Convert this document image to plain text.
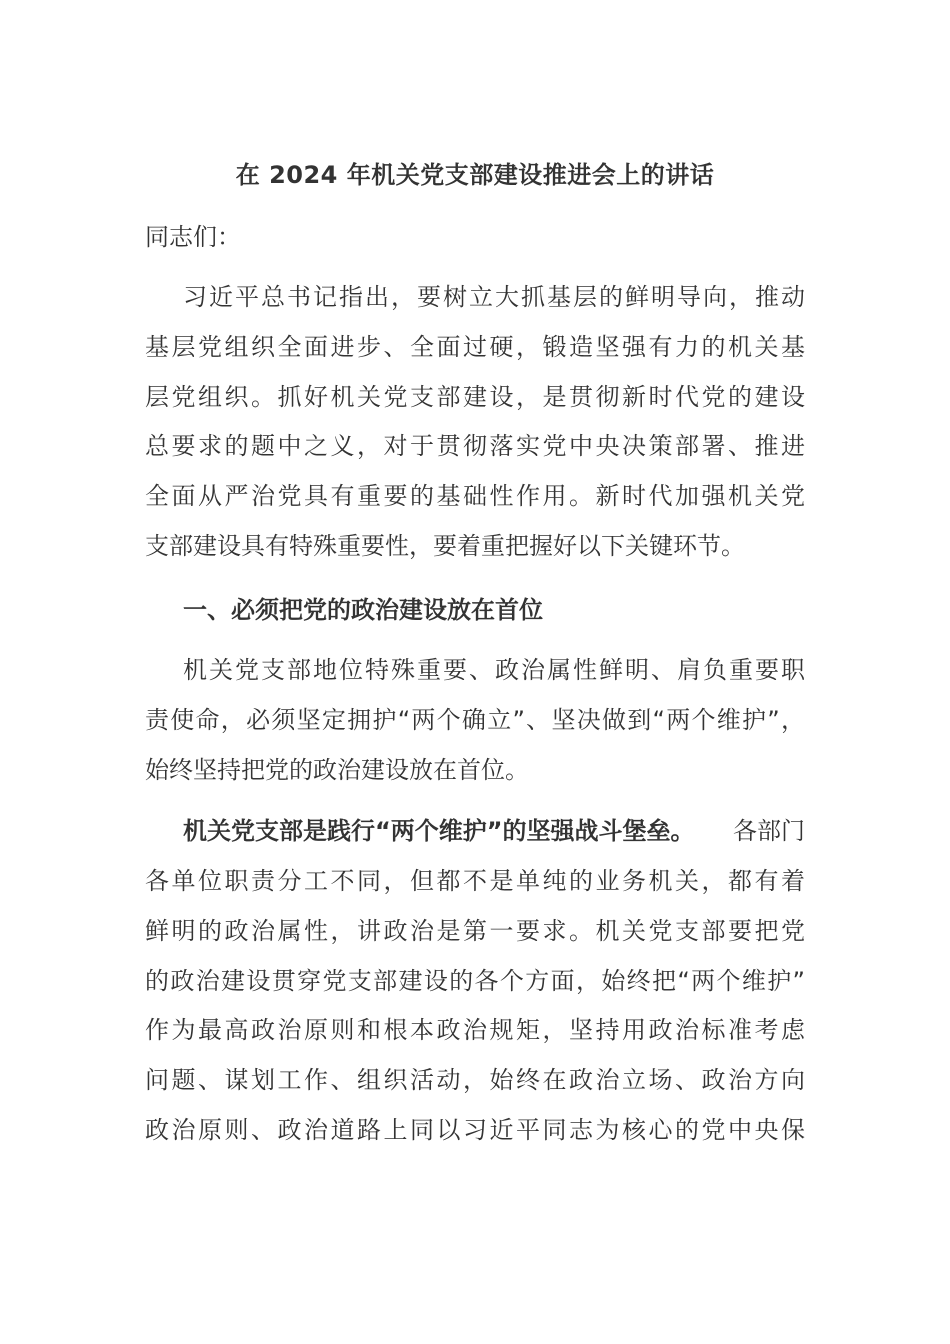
在 2024 年机关党支部建设推进会上的讲话
同志们：
习近平总书记指出，要树立大抓基层的鲜明导向，推动
基层党组织全面进步、全面过硬，锻造坚强有力的机关基
层党组织。抓好机关党支部建设，是贯彻新时代党的建设
总要求的题中之义，对于贯彻落实党中央决策部署、推进
全面从严治党具有重要的基础性作用。新时代加强机关党
支部建设具有特殊重要性，要着重把握好以下关键环节。
一、必须把党的政治建设放在首位
机关党支部地位特殊重要、政治属性鲜明、肩负重要职
责使命，必须坚定拥护“两个确立”、坚决做到“两个维护”，
始终坚持把党的政治建设放在首位。
机关党支部是践行“两个维护”的坚强战斗堡垒。 各部门
各单位职责分工不同，但都不是单纯的业务机关，都有着
鲜明的政治属性，讲政治是第一要求。机关党支部要把党
的政治建设贯穿党支部建设的各个方面，始终把“两个维护”
作为最高政治原则和根本政治规矩，坚持用政治标准考虑
问题、谋划工作、组织活动，始终在政治立场、政治方向
政治原则、政治道路上同以习近平同志为核心的党中央保
